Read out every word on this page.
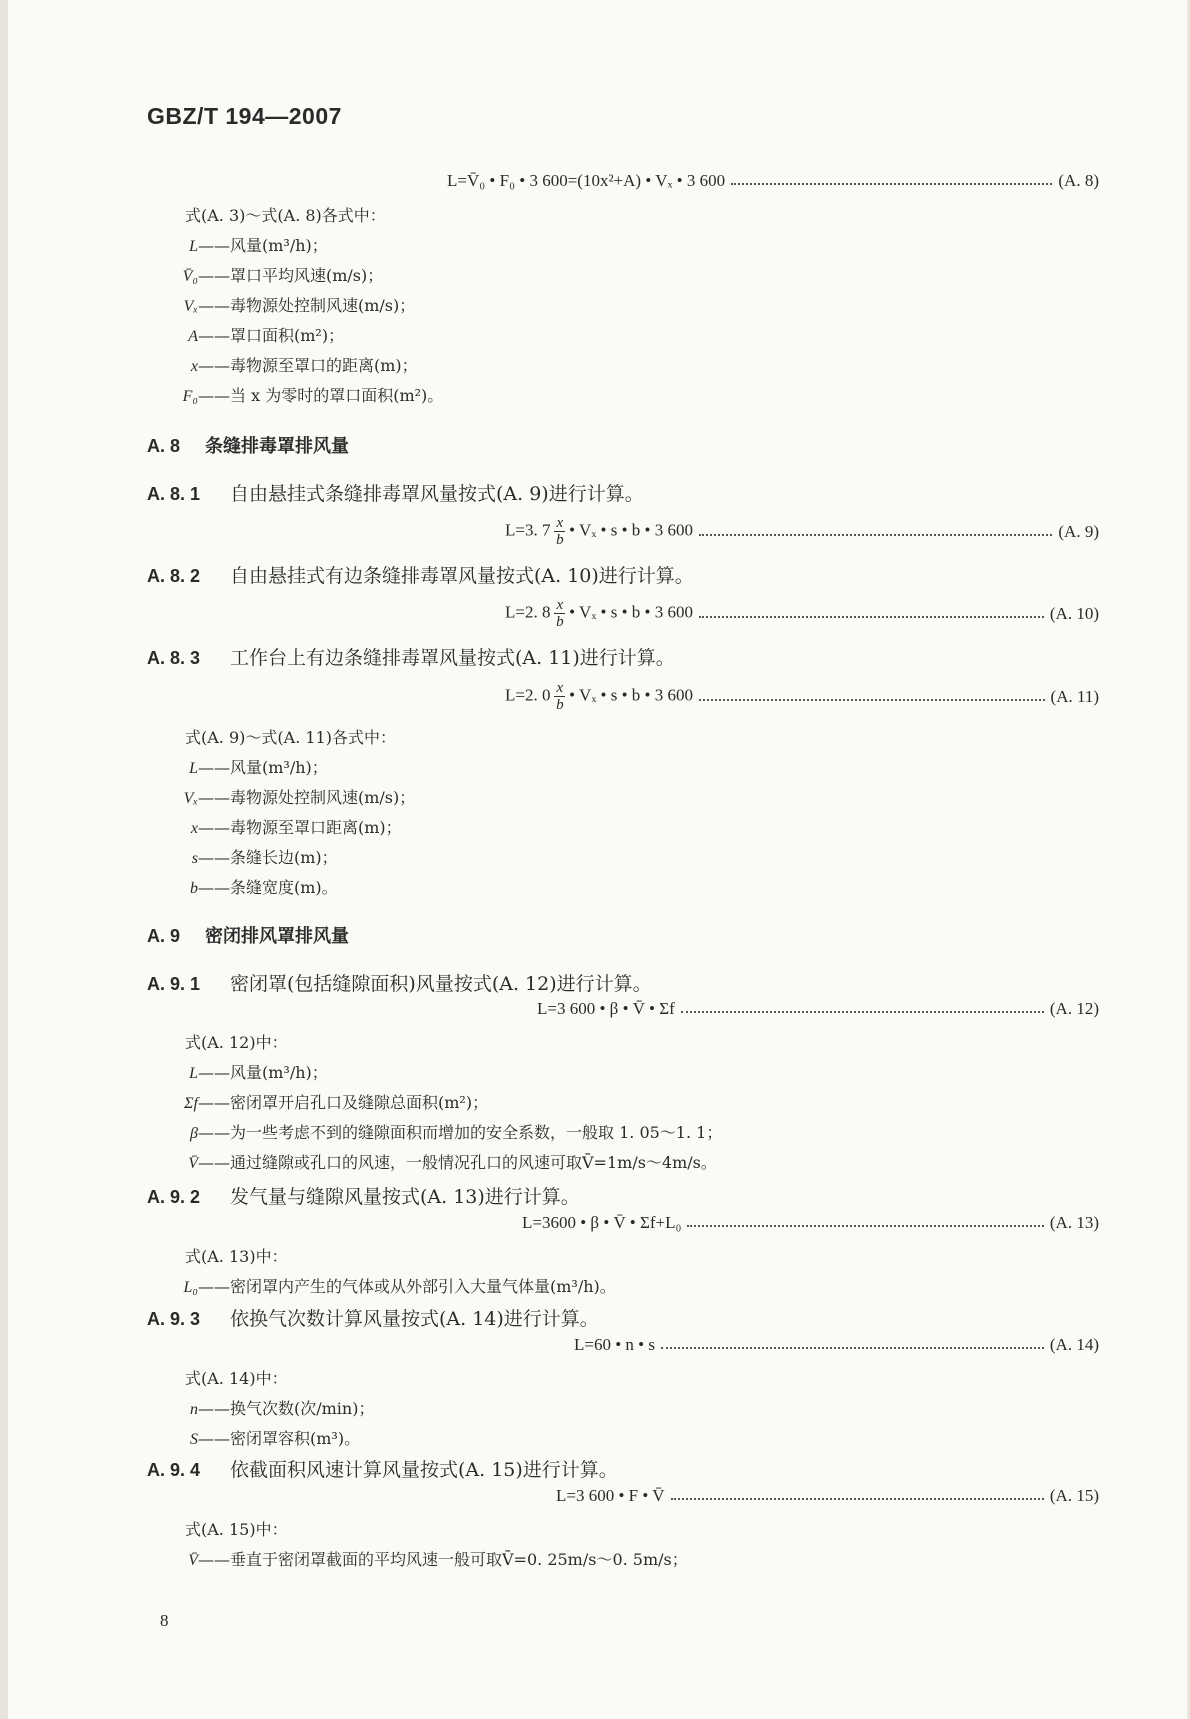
GBZ/T 194—2007
L=V̄₀ • F₀ • 3 600=(10x²+A) • Vₓ • 3 600	(A. 8)
式(A. 3)～式(A. 8)各式中：
L——风量(m³/h)；
V̄₀——罩口平均风速(m/s)；
Vₓ——毒物源处控制风速(m/s)；
A——罩口面积(m²)；
x——毒物源至罩口的距离(m)；
F₀——当 x 为零时的罩口面积(m²)。
A. 8 条缝排毒罩排风量
A. 8. 1 自由悬挂式条缝排毒罩风量按式(A. 9)进行计算。
L=3. $7 \frac{x}{b}$ • Vₓ • s • b • 3 600	(A. 9)
A. 8. 2 自由悬挂式有边条缝排毒罩风量按式(A. 10)进行计算。
L=2. $8 \frac{x}{b}$ • Vₓ • s • b • 3 600	(A. 10)
A. 8. 3 工作台上有边条缝排毒罩风量按式(A. 11)进行计算。
L=2. $0 \frac{x}{b}$ • Vₓ • s • b • 3 600	(A. 11)
式(A. 9)～式(A. 11)各式中：
L——风量(m³/h)；
Vₓ——毒物源处控制风速(m/s)；
x——毒物源至罩口距离(m)；
s——条缝长边(m)；
b——条缝宽度(m)。
A. 9 密闭排风罩排风量
A. 9. 1 密闭罩(包括缝隙面积)风量按式(A. 12)进行计算。
L=3 600 • β • V̄ • Σf	(A. 12)
式(A. 12)中：
L——风量(m³/h)；
Σf——密闭罩开启孔口及缝隙总面积(m²)；
β——为一些考虑不到的缝隙面积而增加的安全系数，一般取 1. 05～1. 1；
V̄——通过缝隙或孔口的风速，一般情况孔口的风速可取V̄=1m/s～4m/s。
A. 9. 2 发气量与缝隙风量按式(A. 13)进行计算。
L=3600 • β • V̄ • Σf+L₀	(A. 13)
式(A. 13)中：
L₀——密闭罩内产生的气体或从外部引入大量气体量(m³/h)。
A. 9. 3 依换气次数计算风量按式(A. 14)进行计算。
L=60 • n • s	(A. 14)
式(A. 14)中：
n——换气次数(次/min)；
S——密闭罩容积(m³)。
A. 9. 4 依截面积风速计算风量按式(A. 15)进行计算。
L=3 600 • F • V̄	(A. 15)
式(A. 15)中：
V̄——垂直于密闭罩截面的平均风速一般可取V̄=0. 25m/s～0. 5m/s；
8
